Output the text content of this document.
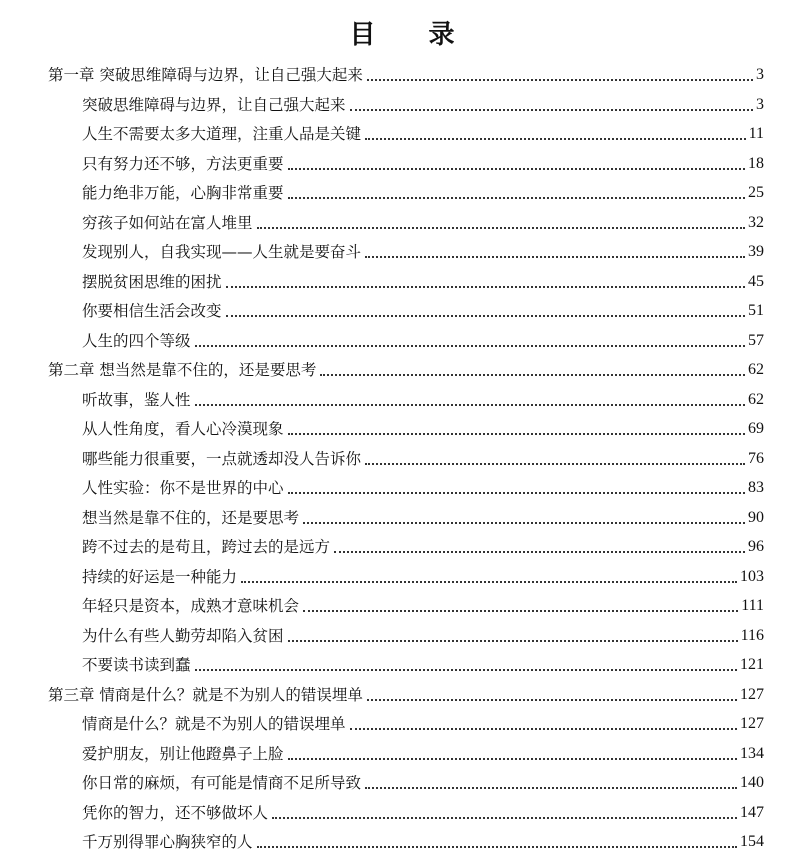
目 录
第一章 突破思维障碍与边界，让自己强大起来	3
突破思维障碍与边界，让自己强大起来	3
人生不需要太多大道理，注重人品是关键	11
只有努力还不够，方法更重要	18
能力绝非万能，心胸非常重要	25
穷孩子如何站在富人堆里	32
发现别人，自我实现——人生就是要奋斗	39
摆脱贫困思维的困扰	45
你要相信生活会改变	51
人生的四个等级	57
第二章 想当然是靠不住的，还是要思考	62
听故事，鉴人性	62
从人性角度，看人心冷漠现象	69
哪些能力很重要，一点就透却没人告诉你	76
人性实验：你不是世界的中心	83
想当然是靠不住的，还是要思考	90
跨不过去的是苟且，跨过去的是远方	96
持续的好运是一种能力	103
年轻只是资本，成熟才意味机会	111
为什么有些人勤劳却陷入贫困	116
不要读书读到蠢	121
第三章 情商是什么？就是不为别人的错误埋单	127
情商是什么？就是不为别人的错误埋单	127
爱护朋友，别让他蹬鼻子上脸	134
你日常的麻烦，有可能是情商不足所导致	140
凭你的智力，还不够做坏人	147
千万别得罪心胸狭窄的人	154
